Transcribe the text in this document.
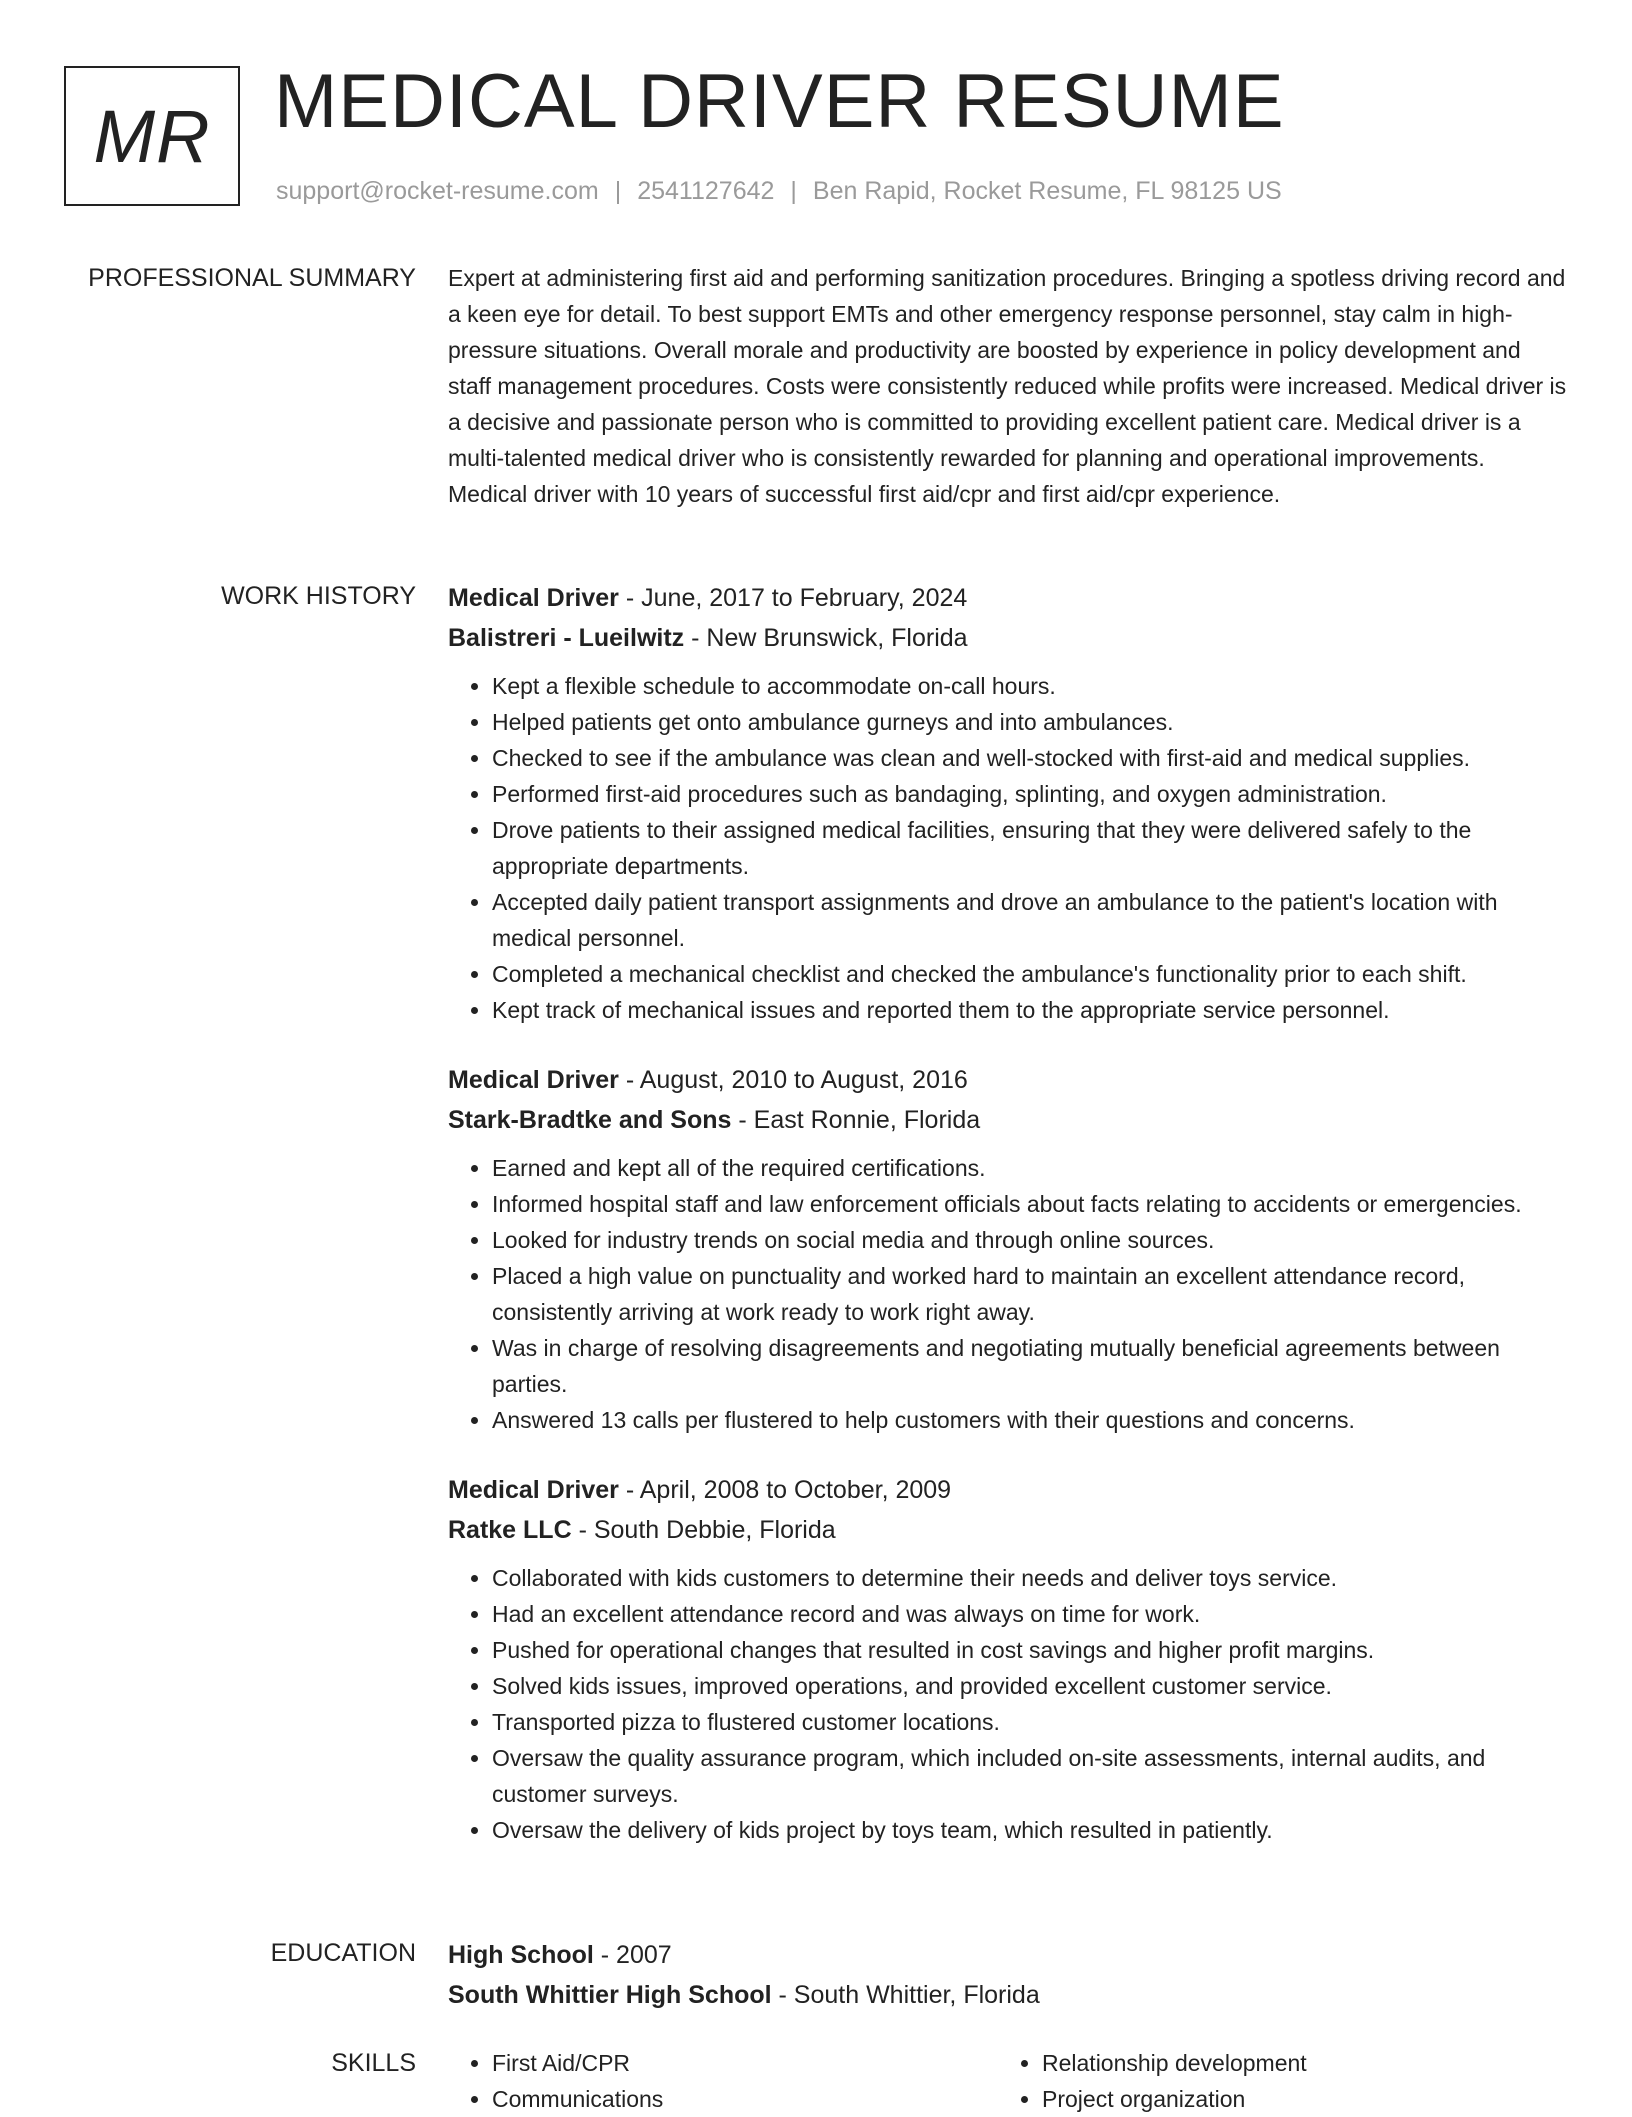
MR MEDICAL DRIVER RESUME
support@rocket-resume.com | 2541127642 | Ben Rapid, Rocket Resume, FL 98125 US
PROFESSIONAL SUMMARY Expert at administering first aid and performing sanitization procedures. Bringing a spotless driving record and a keen eye for detail. To best support EMTs and other emergency response personnel, stay calm in high-pressure situations. Overall morale and productivity are boosted by experience in policy development and staff management procedures. Costs were consistently reduced while profits were increased. Medical driver is a decisive and passionate person who is committed to providing excellent patient care. Medical driver is a multi-talented medical driver who is consistently rewarded for planning and operational improvements. Medical driver with 10 years of successful first aid/cpr and first aid/cpr experience.

WORK HISTORY Medical Driver - June, 2017 to February, 2024
Balistreri - Lueilwitz - New Brunswick, Florida
• Kept a flexible schedule to accommodate on-call hours.
• Helped patients get onto ambulance gurneys and into ambulances.
• Checked to see if the ambulance was clean and well-stocked with first-aid and medical supplies.
• Performed first-aid procedures such as bandaging, splinting, and oxygen administration.
• Drove patients to their assigned medical facilities, ensuring that they were delivered safely to the appropriate departments.
• Accepted daily patient transport assignments and drove an ambulance to the patient's location with medical personnel.
• Completed a mechanical checklist and checked the ambulance's functionality prior to each shift.
• Kept track of mechanical issues and reported them to the appropriate service personnel.
Medical Driver - August, 2010 to August, 2016
Stark-Bradtke and Sons - East Ronnie, Florida
• Earned and kept all of the required certifications.
• Informed hospital staff and law enforcement officials about facts relating to accidents or emergencies.
• Looked for industry trends on social media and through online sources.
• Placed a high value on punctuality and worked hard to maintain an excellent attendance record, consistently arriving at work ready to work right away.
• Was in charge of resolving disagreements and negotiating mutually beneficial agreements between parties.
• Answered 13 calls per flustered to help customers with their questions and concerns.
Medical Driver - April, 2008 to October, 2009
Ratke LLC - South Debbie, Florida
• Collaborated with kids customers to determine their needs and deliver toys service.
• Had an excellent attendance record and was always on time for work.
• Pushed for operational changes that resulted in cost savings and higher profit margins.
• Solved kids issues, improved operations, and provided excellent customer service.
• Transported pizza to flustered customer locations.
• Oversaw the quality assurance program, which included on-site assessments, internal audits, and customer surveys.
• Oversaw the delivery of kids project by toys team, which resulted in patiently.
EDUCATION High School - 2007
South Whittier High School - South Whittier, Florida
SKILLS
•	First Aid/CPR
• Communications
• Relationship development
• Project organization
